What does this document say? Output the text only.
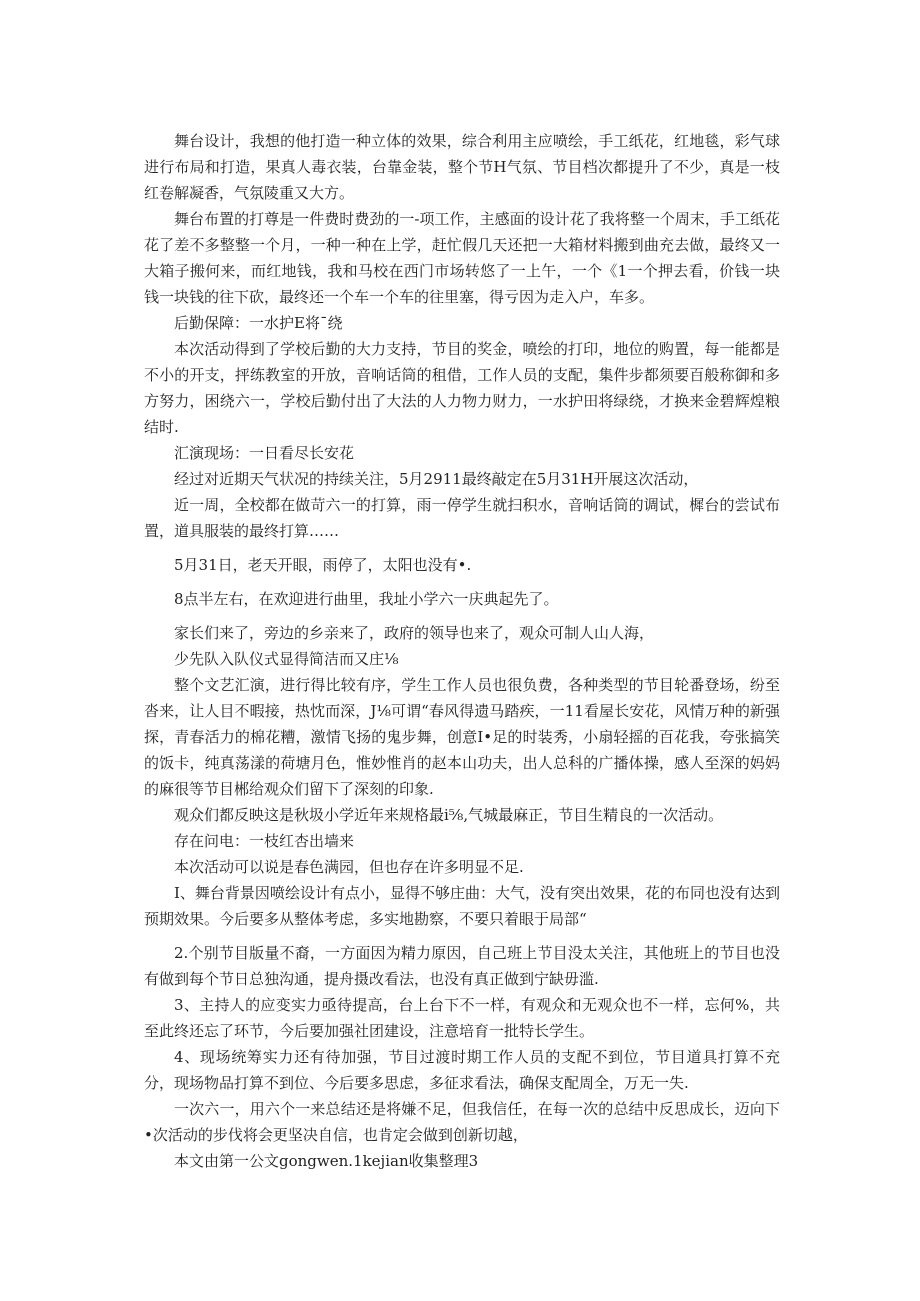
舞台设计，我想的他打造一种立体的效果，综合利用主应喷绘，手工纸花，红地毯，彩气球进行布局和打造，果真人毒衣装，台靠金装，整个节H气氛、节目档次都提升了不少，真是一枝红卷解凝香，气氛陵重又大方。

舞台布置的打尊是一件费时费劲的一-项工作，主感面的设计花了我将整一个周末，手工纸花花了差不多整整一个月，一种一种在上学，赶忙假几天还把一大箱材料搬到曲充去做，最终又一大箱子搬何来，而红地钱，我和马校在西门市场转悠了一上午，一个《1一个押去看，价钱一块钱一块钱的往下砍，最终还一个车一个车的往里塞，得亏因为走入户，车多。

后勤保障：一水护E将ˉ绕

本次活动得到了学校后勤的大力支持，节目的奖金，喷绘的打印，地位的购置，每一能都是不小的开支，抨练教室的开放，音响话筒的租借，工作人员的支配，集件步都须要百般称御和多方努力，困绕六一，学校后勤付出了大法的人力物力财力，一水护田将绿绕，才换来金碧辉煌粮结时.

汇演现场：一日看尽长安花

经过对近期天气状况的持续关注，5月2911最终敲定在5月31H开展这次活动，

近一周，全校都在做苛六一的打算，雨一停学生就扫积水，音响话筒的调试，樨台的尝试布置，道具服装的最终打算……

5月31日，老天开眼，雨停了，太阳也没有•.

8点半左右，在欢迎进行曲里，我址小学六一庆典起先了。

家长们来了，旁边的乡亲来了，政府的领导也来了，观众可制人山人海，

少先队入队仪式显得简洁而又庄⅛

整个文艺汇演，进行得比较有序，学生工作人员也很负费，各种类型的节目轮番登场，纷至沓来，让人目不暇接，热忱而深，J⅛可谓“春风得遗马踏疾，一11看屋长安花，风情万种的新强探，青春活力的棉花糟，激情飞扬的鬼步舞，创意I•足的时装秀，小扇轻摇的百花我，夸张搞笑的饭卡，纯真荡漾的荷塘月色，惟妙惟肖的赵本山功夫，出人总科的广播体操，感人至深的妈妈的麻很等节目郴给观众们留下了深刻的印象.

观众们都反映这是秋圾小学近年来规格最i⅝,气城最麻正，节目生精良的一次活动。

存在问电：一枝红杏出墙来

本次活动可以说是春色满园，但也存在许多明显不足.

I、舞台背景因喷绘设计有点小，显得不够庄曲：大气，没有突出效果，花的布同也没有达到预期效果。今后要多从整体考虑，多实地勘察，不要只着眼于局部“

2.个别节目版量不裔，一方面因为精力原因，自己班上节目没太关注，其他班上的节目也没有做到每个节日总独沟通，提舟摄改看法，也没有真正做到宁缺毋滥.

3、主持人的应变实力亟待提高，台上台下不一样，有观众和无观众也不一样，忘何%，共至此终还忘了环节，今后要加强社团建设，注意培育一批特长学生。

4、现场统筹实力还有待加强，节目过渡时期工作人员的支配不到位，节目道具打算不充分，现场物品打算不到位、今后要多思虑，多征求看法，确保支配周全，万无一失.

一次六一，用六个一来总结还是将嫌不足，但我信任，在每一次的总结中反思成长，迈向下•次活动的步伐将会更坚决自信，也肯定会做到创新切越，

本文由第一公文gongwen.1kejian收集整理3
